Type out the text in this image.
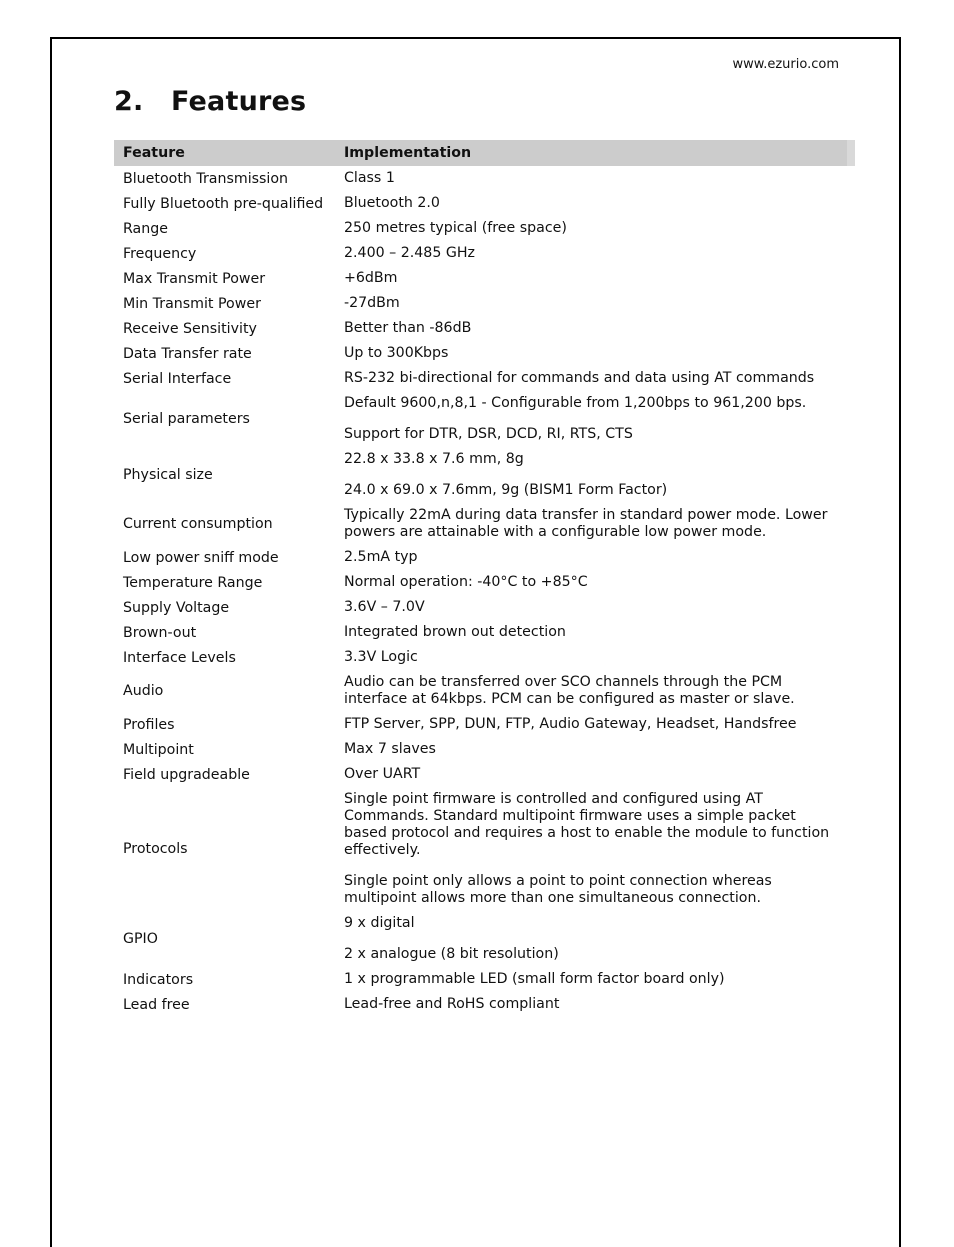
www.ezurio.com
2. Features
Feature	Implementation
Bluetooth Transmission	Class 1

Fully Bluetooth pre-qualified	Bluetooth 2.0

Range	250 metres typical (free space)

Frequency	2.400 – 2.485 GHz

Max Transmit Power	+6dBm

Min Transmit Power	-27dBm

Receive Sensitivity	Better than -86dB

Data Transfer rate	Up to 300Kbps

Serial Interface	RS-232 bi-directional for commands and data using AT commands

Serial parameters	Default 9600,n,8,1 - Configurable from 1,200bps to 961,200 bps.
Support for DTR, DSR, DCD, RI, RTS, CTS

Physical size	22.8 x 33.8 x 7.6 mm, 8g
24.0 x 69.0 x 7.6mm, 9g (BISM1 Form Factor)

Current consumption	Typically 22mA during data transfer in standard power mode. Lower powers are attainable with a configurable low power mode.

Low power sniff mode	2.5mA typ

Temperature Range	Normal operation: -40°C to +85°C

Supply Voltage	3.6V – 7.0V

Brown-out	Integrated brown out detection

Interface Levels	3.3V Logic

Audio	Audio can be transferred over SCO channels through the PCM interface at 64kbps. PCM can be configured as master or slave.

Profiles	FTP Server, SPP, DUN, FTP, Audio Gateway, Headset, Handsfree

Multipoint	Max 7 slaves

Field upgradeable	Over UART

Protocols	Single point firmware is controlled and configured using AT Commands. Standard multipoint firmware uses a simple packet based protocol and requires a host to enable the module to function effectively.
Single point only allows a point to point connection whereas multipoint allows more than one simultaneous connection.

GPIO	9 x digital
2 x analogue (8 bit resolution)

Indicators	1 x programmable LED (small form factor board only)

Lead free	Lead-free and RoHS compliant
